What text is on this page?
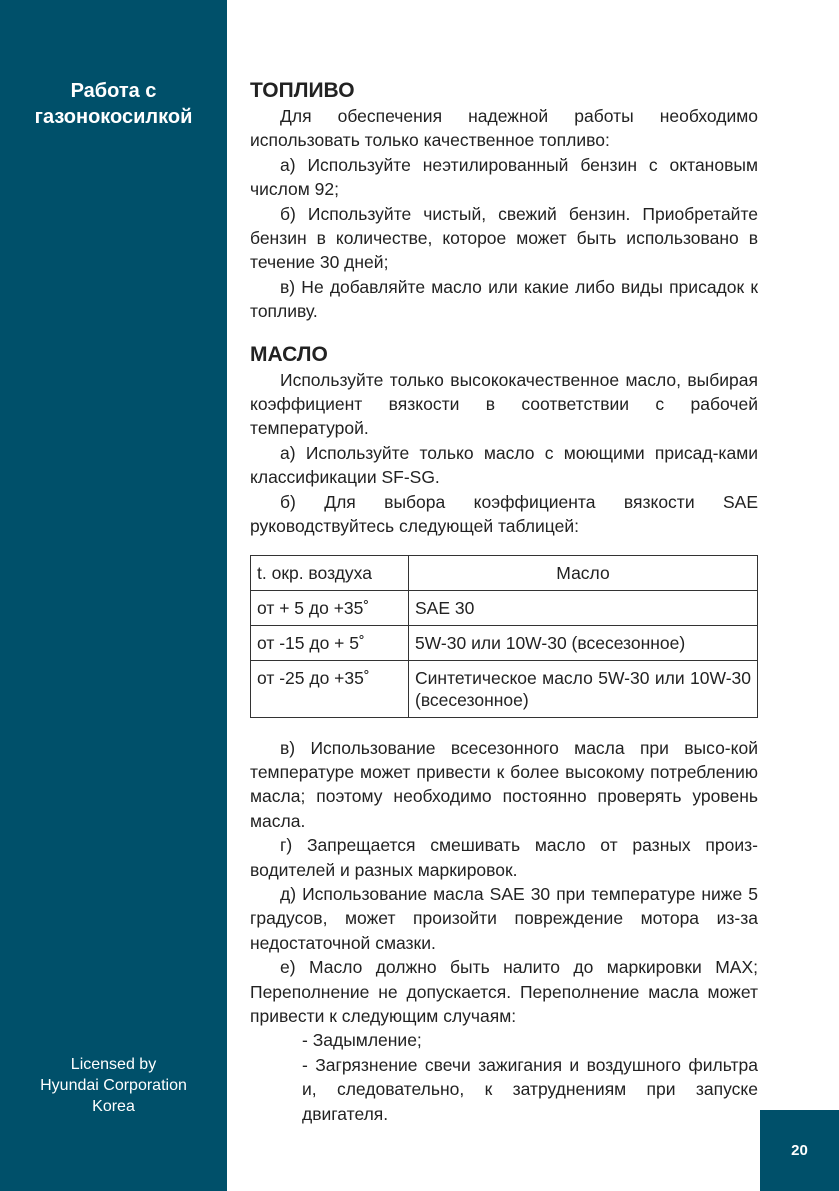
Работа с
газонокосилкой
Licensed by
Hyundai Corporation
Korea
20
ТОПЛИВО

Для обеспечения надежной работы необходимо использовать только качественное топливо:

а) Используйте неэтилированный бензин с октановым числом 92;

б) Используйте чистый, свежий бензин. Приобретайте бензин в количестве, которое может быть использовано в течение 30 дней;

в) Не добавляйте масло или какие либо виды присадок к топливу.

МАСЛО

Используйте только высококачественное масло, выбирая коэффициент вязкости в соответствии с рабочей температурой.

а) Используйте только масло с моющими присад-ками классификации SF-SG.

б) Для выбора коэффициента вязкости SAE руководствуйтесь следующей таблицей:

t. окр. воздуха	Масло
от + 5 до +35˚	SAE 30
от -15 до + 5˚	5W-30 или 10W-30 (всесезонное)
от -25 до +35˚	Синтетическое масло 5W-30 или 10W-30 (всесезонное)

в) Использование всесезонного масла при высо-кой температуре может привести к более высокому потреблению масла; поэтому необходимо постоянно проверять уровень масла.

г) Запрещается смешивать масло от разных произ-водителей и разных маркировок.

д) Использование масла SAE 30 при температуре ниже 5 градусов, может произойти повреждение мотора из-за недостаточной смазки.

е) Масло должно быть налито до маркировки MAX; Переполнение не допускается. Переполнение масла может привести к следующим случаям:

- Задымление;

- Загрязнение свечи зажигания и воздушного фильтра и, следовательно, к затруднениям при запуске двигателя.
